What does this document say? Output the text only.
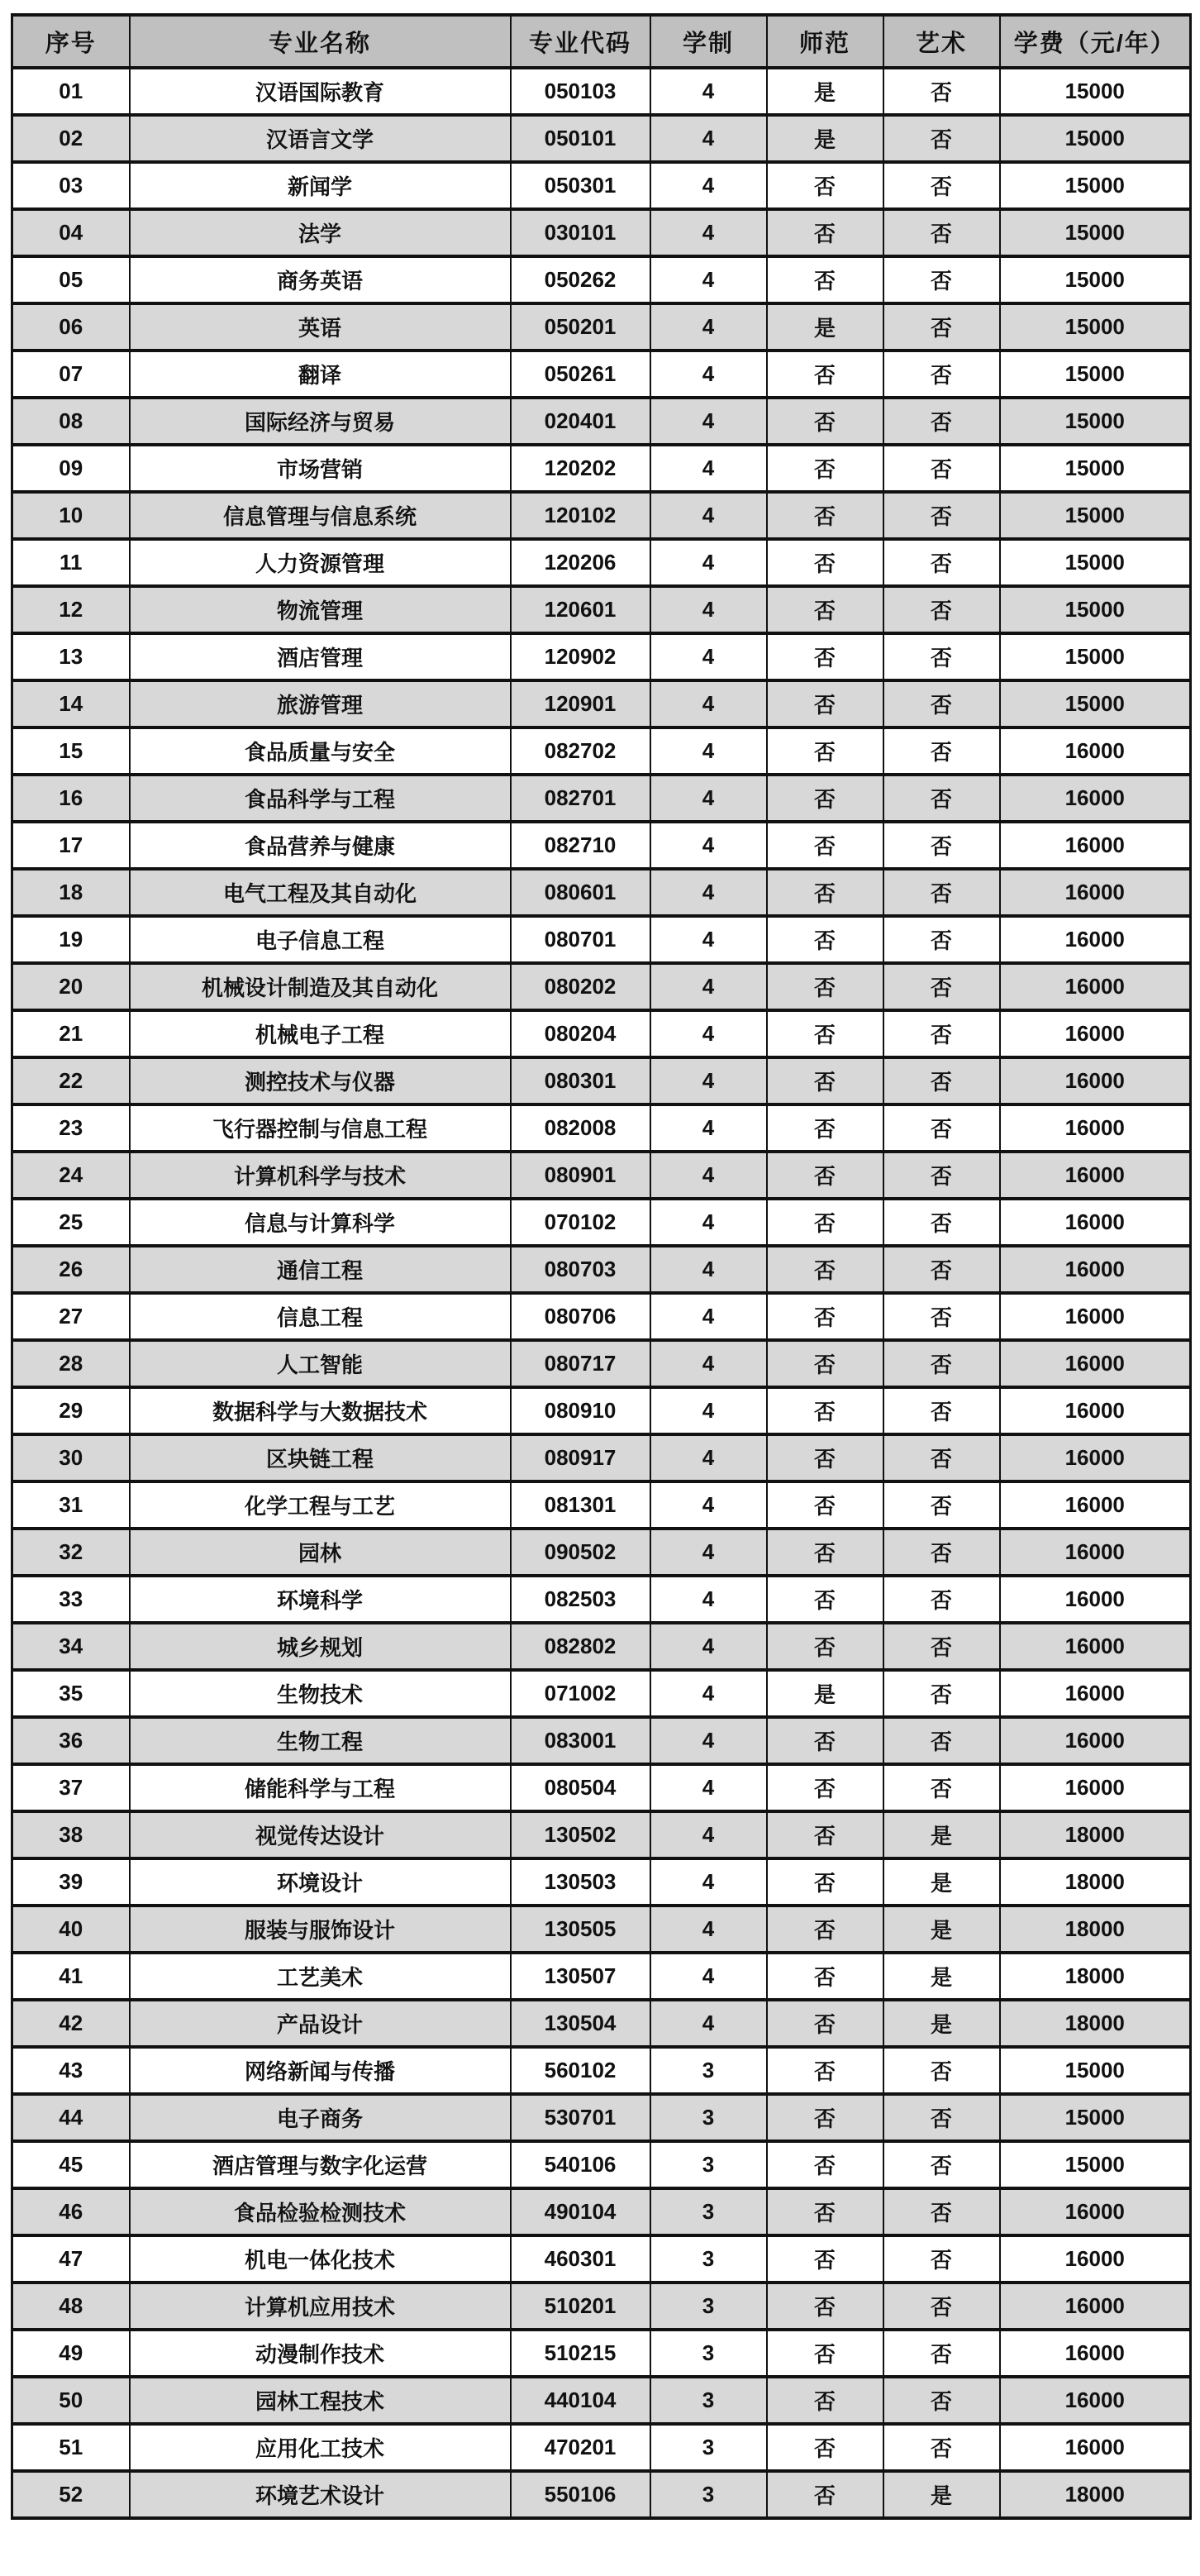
序号	专业名称	专业代码	学制	师范	艺术	学费（元/年）
01	汉语国际教育	050103	4	是	否	15000
02	汉语言文学	050101	4	是	否	15000
03	新闻学	050301	4	否	否	15000
04	法学	030101	4	否	否	15000
05	商务英语	050262	4	否	否	15000
06	英语	050201	4	是	否	15000
07	翻译	050261	4	否	否	15000
08	国际经济与贸易	020401	4	否	否	15000
09	市场营销	120202	4	否	否	15000
10	信息管理与信息系统	120102	4	否	否	15000
11	人力资源管理	120206	4	否	否	15000
12	物流管理	120601	4	否	否	15000
13	酒店管理	120902	4	否	否	15000
14	旅游管理	120901	4	否	否	15000
15	食品质量与安全	082702	4	否	否	16000
16	食品科学与工程	082701	4	否	否	16000
17	食品营养与健康	082710	4	否	否	16000
18	电气工程及其自动化	080601	4	否	否	16000
19	电子信息工程	080701	4	否	否	16000
20	机械设计制造及其自动化	080202	4	否	否	16000
21	机械电子工程	080204	4	否	否	16000
22	测控技术与仪器	080301	4	否	否	16000
23	飞行器控制与信息工程	082008	4	否	否	16000
24	计算机科学与技术	080901	4	否	否	16000
25	信息与计算科学	070102	4	否	否	16000
26	通信工程	080703	4	否	否	16000
27	信息工程	080706	4	否	否	16000
28	人工智能	080717	4	否	否	16000
29	数据科学与大数据技术	080910	4	否	否	16000
30	区块链工程	080917	4	否	否	16000
31	化学工程与工艺	081301	4	否	否	16000
32	园林	090502	4	否	否	16000
33	环境科学	082503	4	否	否	16000
34	城乡规划	082802	4	否	否	16000
35	生物技术	071002	4	是	否	16000
36	生物工程	083001	4	否	否	16000
37	储能科学与工程	080504	4	否	否	16000
38	视觉传达设计	130502	4	否	是	18000
39	环境设计	130503	4	否	是	18000
40	服装与服饰设计	130505	4	否	是	18000
41	工艺美术	130507	4	否	是	18000
42	产品设计	130504	4	否	是	18000
43	网络新闻与传播	560102	3	否	否	15000
44	电子商务	530701	3	否	否	15000
45	酒店管理与数字化运营	540106	3	否	否	15000
46	食品检验检测技术	490104	3	否	否	16000
47	机电一体化技术	460301	3	否	否	16000
48	计算机应用技术	510201	3	否	否	16000
49	动漫制作技术	510215	3	否	否	16000
50	园林工程技术	440104	3	否	否	16000
51	应用化工技术	470201	3	否	否	16000
52	环境艺术设计	550106	3	否	是	18000
